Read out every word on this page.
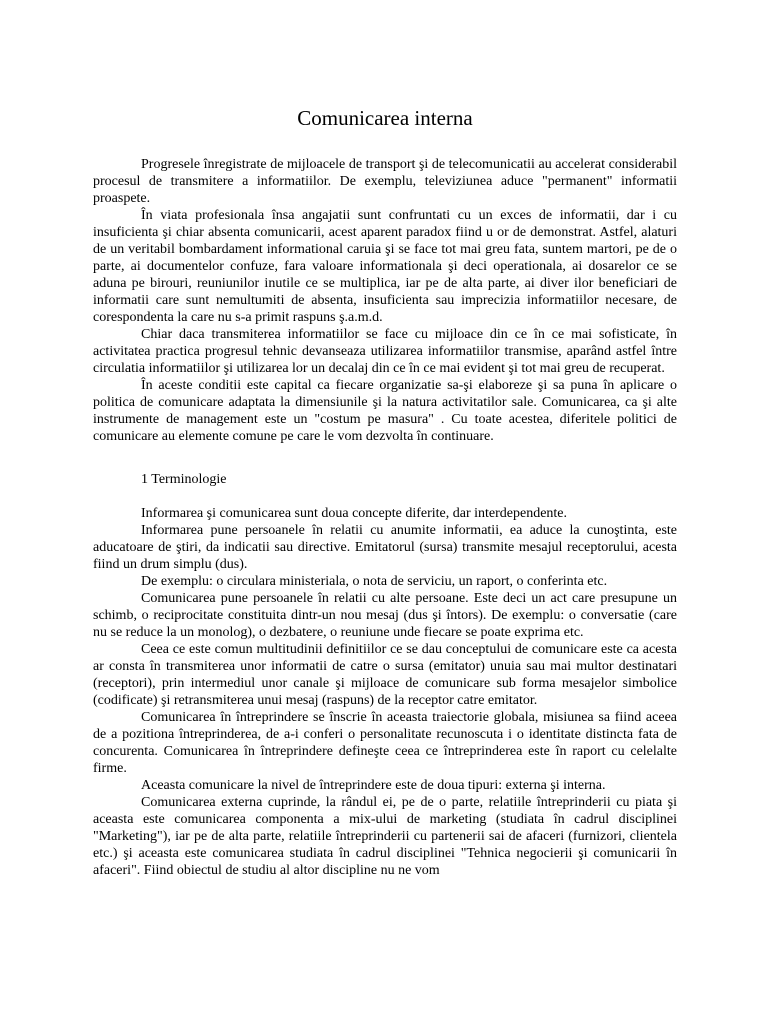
Comunicarea interna

Progresele înregistrate de mijloacele de transport şi de telecomunicatii au accelerat considerabil procesul de transmitere a informatiilor. De exemplu, televiziunea aduce "permanent" informatii proaspete.

În viata profesionala însa angajatii sunt confruntati cu un exces de informatii, dar i cu insuficienta şi chiar absenta comunicarii, acest aparent paradox fiind u or de demonstrat. Astfel, alaturi de un veritabil bombardament informational caruia şi se face tot mai greu fata, suntem martori, pe de o parte, ai documentelor confuze, fara valoare informationala şi deci operationala, ai dosarelor ce se aduna pe birouri, reuniunilor inutile ce se multiplica, iar pe de alta parte, ai diver ilor beneficiari de informatii care sunt nemultumiti de absenta, insuficienta sau imprecizia informatiilor necesare, de corespondenta la care nu s-a primit raspuns ş.a.m.d.

Chiar daca transmiterea informatiilor se face cu mijloace din ce în ce mai sofisticate, în activitatea practica progresul tehnic devanseaza utilizarea informatiilor transmise, aparând astfel între circulatia informatiilor şi utilizarea lor un decalaj din ce în ce mai evident şi tot mai greu de recuperat.

În aceste conditii este capital ca fiecare organizatie sa-şi elaboreze şi sa puna în aplicare o politica de comunicare adaptata la dimensiunile şi la natura activitatilor sale. Comunicarea, ca şi alte instrumente de management este un "costum pe masura" . Cu toate acestea, diferitele politici de comunicare au elemente comune pe care le vom dezvolta în continuare.

1 Terminologie

Informarea şi comunicarea sunt doua concepte diferite, dar interdependente.

Informarea pune persoanele în relatii cu anumite informatii, ea aduce la cunoştinta, este aducatoare de ştiri, da indicatii sau directive. Emitatorul (sursa) transmite mesajul receptorului, acesta fiind un drum simplu (dus).

De exemplu: o circulara ministeriala, o nota de serviciu, un raport, o conferinta etc.

Comunicarea pune persoanele în relatii cu alte persoane. Este deci un act care presupune un schimb, o reciprocitate constituita dintr-un nou mesaj (dus şi întors). De exemplu: o conversatie (care nu se reduce la un monolog), o dezbatere, o reuniune unde fiecare se poate exprima etc.

Ceea ce este comun multitudinii definitiilor ce se dau conceptului de comunicare este ca acesta ar consta în transmiterea unor informatii de catre o sursa (emitator) unuia sau mai multor destinatari (receptori), prin intermediul unor canale şi mijloace de comunicare sub forma mesajelor simbolice (codificate) şi retransmiterea unui mesaj (raspuns) de la receptor catre emitator.

Comunicarea în întreprindere se înscrie în aceasta traiectorie globala, misiunea sa fiind aceea de a pozitiona întreprinderea, de a-i conferi o personalitate recunoscuta i o identitate distincta fata de concurenta. Comunicarea în întreprindere defineşte ceea ce întreprinderea este în raport cu celelalte firme.

Aceasta comunicare la nivel de întreprindere este de doua tipuri: externa şi interna.

Comunicarea externa cuprinde, la rândul ei, pe de o parte, relatiile întreprinderii cu piata şi aceasta este comunicarea componenta a mix-ului de marketing (studiata în cadrul disciplinei "Marketing"), iar pe de alta parte, relatiile întreprinderii cu partenerii sai de afaceri (furnizori, clientela etc.) şi aceasta este comunicarea studiata în cadrul disciplinei "Tehnica negocierii şi comunicarii în afaceri". Fiind obiectul de studiu al altor discipline nu ne vom
